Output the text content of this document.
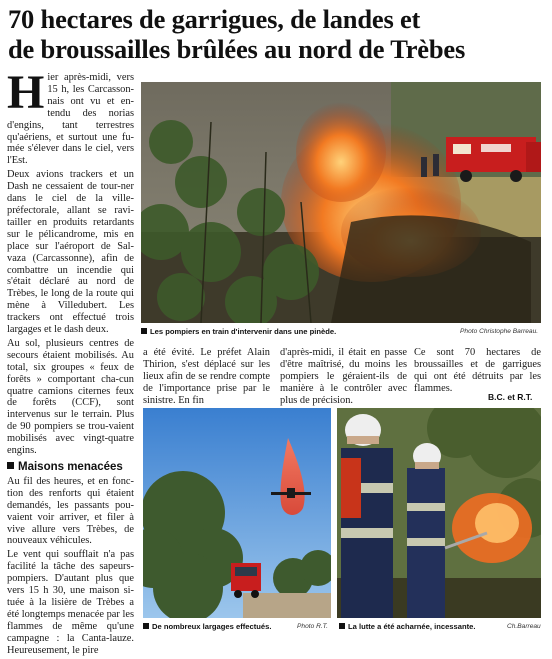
70 hectares de garrigues, de landes et
de broussailles brûlées au nord de Trèbes

Hier après-midi, vers 15 h, les Carcasson-nais ont vu et en-tendu des norias d'engins, tant terrestres qu'aériens, et surtout une fu-mée s'élever dans le ciel, vers l'Est.

Deux avions trackers et un Dash ne cessaient de tour-ner dans le ciel de la ville-préfectorale, allant se ravi-tailler en produits retardants sur le pélicandrome, mis en place sur l'aéroport de Sal-vaza (Carcassonne), afin de combattre un incendie qui s'était déclaré au nord de Trèbes, le long de la route qui mène à Villedubert. Les trackers ont effectué trois largages et le dash deux.

Au sol, plusieurs centres de secours étaient mobilisés. Au total, six groupes « feux de forêts » comportant cha-cun quatre camions citernes feux de forêts (CCF), sont intervenus sur le terrain. Plus de 90 pompiers se trou-vaient mobilisés avec vingt-quatre engins.

Maisons menacées

Au fil des heures, et en fonc-tion des renforts qui étaient demandés, les passants pou-vaient voir arriver, et filer à vive allure vers Trèbes, de nouveaux véhicules.

Le vent qui soufflait n'a pas facilité la tâche des sapeurs-pompiers. D'autant plus que vers 15 h 30, une maison si-tuée à la lisière de Trèbes a été longtemps menacée par les flammes de même qu'une campagne : la Canta-lauze. Heureusement, le pire

Les pompiers en train d'intervenir dans une pinède.	Photo Christophe Barreau.
a été évité. Le préfet Alain Thirion, s'est déplacé sur les lieux afin de se rendre compte de l'importance prise par le sinistre. En fin
d'après-midi, il était en passe d'être maîtrisé, du moins les pompiers le géraient-ils de manière à le contrôler avec plus de précision.
Ce sont 70 hectares de broussailles et de garrigues qui ont été détruits par les flammes.
B.C. et R.T.
De nombreux largages effectués.	Photo R.T.	La lutte a été acharnée, incessante.	Ch.Barreau
